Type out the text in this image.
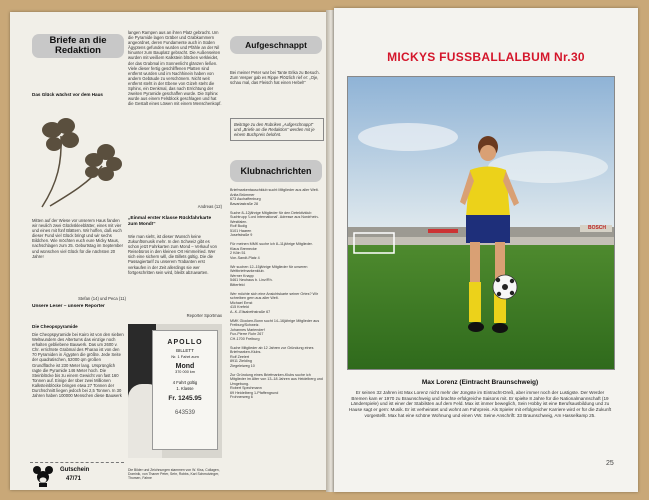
Briefe an die Redaktion
Das Glück wächst vor dem Haus
Mitten auf der Wiese vor unserem Haus fanden wir neulich zwei Glückskleeblätter, eines mit vier und eines mit fünf Blättern. Wir hoffen, daß euch dieser Fund viel Glück bringt und wir sechs Bildchen. Wie möchten euch eure Micky Maus, nachschlagen zum 25. Geburtstag im September und wünschen viel Glück für die nächsten 20 Jahre!
Stefan (14) und Peca (11)
Unsere Leser – unsere Reporter
Die Cheopspyramide
Die Cheopspyramide bei Kairo ist von den sieben Weltwundern des Altertums das einzige noch erhalten gebliebene Bauwerk. Das um 2600 v. Chr. errichtete Grabmal des Pharao ist von den 70 Pyramiden in Ägypten die größte. Jede Seite der quadratischen, 52000 qm großen Grundfläche ist 230 Meter lang. Ursprünglich ragte die Pyramide 146 Meter hoch. Die Steinblöcke bis zu einem Gewicht von fast 160 Tonnen auf. Einige der über zwei Millionen Kalksteinblöcke bringen etwa 27 Tonnen der Durchschnitt liegen jedoch bei 2,5 Tonnen. In 30 Jahren haben 100000 Menschen diese Bauwerk
Gutschein
47/71
langen Rampen aus an ihren Platz gebracht. Um die Pyramide lagen Gräber und Grabkammern angeordnet, deren Fundamente auch in Süden Ägyptens gefunden wurden und Pfähle an der Nil hinunter zum Bauplatz gebracht. Die Außenseiten wurden mit weißem Kalkstein blöcken verkleidet, der das Grabmal im Sonnenlicht glänzen ließen. Viele dieser fertig geschliffenen Platten sind entfernt wurden und im Nachhinein haben von andern Gebäude zu verschönern. Nicht weit entfernt steht in der Ebene von Gizeh steht die Sphinx, ein Denkmal, das nach Errichtung der zweiten Pyramide geschaffen wurde. Die Sphinx wurde aus einem Felsblock geschlagen und hat die Gestalt eines Löwen mit einem Menschenkopf.
Andreas (12)
„Einmal erster Klasse Rückfahrkarte zum Mond!“
Wie man sieht, ist dieser Wunsch keine Zukunftsmusik mehr. In den Schweiz gibt es schon jetzt Fahrkarten zum Mond – Verkauf von Reisebüros in den kleinen Ort Himmelried. Wer sich eine sichern will, die Billets gültig. Die die Passagiertarif zu unserem Trabanten erst verkaufen in der Zeit allerdings sie wer fortgeschritten sein wird, bleibt abzuwarten.
Reporter Sportmax
APOLLO
BILLETT
Nr. 1 Fahrt zum
Mond
370 000 km
4 Fahrt gültig
1. Klasse
Fr. 1245.95
643539
Die Bilder und Zeichnungen stammen von W. Kiss, Collagen, Dominik, von Thaner Peter, Sehr, Robbs, Karl Schmutzinger, Thorsen, Fahne
Aufgeschnappt
Bei meiner Peter war bei Tante Erika zu Besuch. Zum Vesper gab es Rippe Plötzlich rief er: „Oje, schau mal, das Fleisch hat einen Hebel!“
Beiträge zu den Rubriken „Aufgeschnappt“ und „Briefe an die Redaktion“ werden mit je einem Buchpreis belohnt.
Klubnachrichten
Briefmarkentauschklub sucht Mitglieder aus aller Welt.
Anita Brümmer
673 Aschaffenburg
Bavariastraße 28

Suche 8–12jährige Mitglieder für den Detektivklub Suchtrupp 'Lord International'. Adresse aus Nordrhein-Westfalen.
Rolf Budig
5101 Haaren
Josefstraße 9

Für meinen MMK suche ich 8–11jährige Mitglieder.
Klaus Bremecke
2 Köln 51
Von-Sandt-Platz 4

Wir suchen 12–15jährige Mitglieder für unseren Weltbriefmarkenklub.
Werner Knapp
5461 Neuhaus b. Linz/Rh.
Bitterfeld

Wer möchte sich eine Ansichtskarte seiner Ortes? Wir schreiben gern aus aller Welt.
Michael Ernst
415 Krefeld
A.-K.-Elisabethstraße 67

MMK Glocken-Bonn sucht 14–16jährige Mitglieder aus Freiburg/Schweiz.
Johannes Marienderf
Fux-Pierre Ruhr 267
CH-1700 Freiburg

Suche Mitglieder ab 12 Jahren zur Gründung eines Briefmarken-Klubs.
Rolf Zeelert
8911 Zielding
Ziegeleiweg 10

Zur Gründung eines Briefmarken-Klubs suche ich Mitglieder im Alter von 13–18 Jahren aus Heidelberg und Umgebung.
Robert Spechmann
69 Heidelberg 1-Pfaffengrund
Frohnerweg 6
MICKYS FUSSBALLALBUM Nr.30
BOSCH
Max Lorenz (Eintracht Braunschweig)
Er seinen 32 Jahren ist Max Lorenz nicht mehr der Jüngste im Eintracht-Dreß, aber immer noch der Lustigste. Der Werder Bremen kam er 1970 zu Braunschweig und brachte erfolgreiche Saisons mit. Er spielte 8 Jahre für die Nationalmannschaft (19 Länderspiele) und ist einer der Stabilsten auf dem Feld. Max ist immer beweglich, Sein Hobby ist eine Berufsausbildung und zu Hause sagt er gern: Musik. Er ist verheiratet und wohnt am Fahrpreis. Als Spieler mit erfolgreicher Karriere wird er für die Zukunft vorgestellt. Max hat eine schöne Wohnung und einen VW. Seine Anschrift: 33 Braunschweig, Am Hasselkamp 25.
25
